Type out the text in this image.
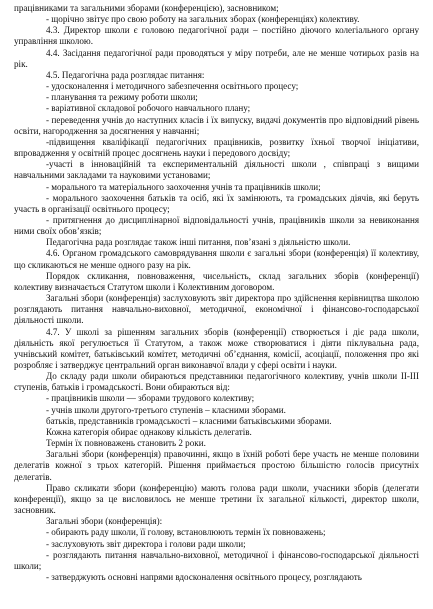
працівниками та загальними зборами (конференцією), засновником;

- щорічно звітує про свою роботу на загальних зборах (конференціях) колективу.

4.3. Директор школи є головою педагогічної ради – постійно діючого колегіального органу управління школою.

4.4. Засідання педагогічної ради проводяться у міру потреби, але не менше чотирьох разів на рік.

4.5. Педагогічна рада розглядає питання:

- удосконалення і методичного забезпечення освітнього процесу;

- планування та режиму роботи школи;

- варіативної складової робочого навчального плану;

- переведення учнів до наступних класів і їх випуску, видачі документів про відповідний рівень освіти, нагородження за досягнення у навчанні;

-підвищення кваліфікації педагогічних працівників, розвитку їхньої творчої ініціативи, впровадження у освітній процес досягнень науки і передового досвіду;

-участі в інноваційній та експериментальній діяльності школи , співпраці з вищими навчальними закладами та науковими установами;

- морального та матеріального заохочення учнів та працівників школи;

- морального заохочення батьків та осіб, які їх замінюють, та громадських діячів, які беруть участь в організації освітнього процесу;

- притягнення до дисциплінарної відповідальності учнів, працівників школи за невиконання ними своїх обов’язків;

Педагогічна рада розглядає також інші питання, пов’язані з діяльністю школи.

4.6. Органом громадського самоврядування школи є загальні збори (конференція) її колективу, що скликаються не менше одного разу на рік.

Порядок скликання, повноваження, чисельність, склад загальних зборів (конференції) колективу визначається Статутом школи і Колективним договором.

Загальні збори (конференція) заслуховують звіт директора про здійснення керівництва школою розглядають питання навчально-виховної, методичної, економічної і фінансово-господарської діяльності школи.

4.7. У школі за рішенням загальних зборів (конференції) створюється і діє рада школи, діяльність якої регулюється її Статутом, а також може створюватися і діяти піклувальна рада, учнівський комітет, батьківський комітет, методичні об’єднання, комісії, асоціації, положення про які розробляє і затверджує центральний орган виконавчої влади у сфері освіти і науки.

До складу ради школи обираються представники педагогічного колективу, учнів школи ІІ-ІІІ ступенів, батьків і громадськості. Вони обираються від:

- працівників школи — зборами трудового колективу;

- учнів школи другого-третього ступенів – класними зборами.

батьків, представників громадськості – класними батьківськими зборами.

Кожна категорія обирає однакову кількість делегатів.

Термін їх повноважень становить 2 роки.

Загальні збори (конференція) правочинні, якщо в їхній роботі бере участь не менше половини делегатів кожної з трьох категорій. Рішення приймається простою більшістю голосів присутніх делегатів.

Право скликати збори (конференцію) мають голова ради школи, учасники зборів (делегати конференції), якщо за це висловилось не менше третини їх загальної кількості, директор школи, засновник.

Загальні збори (конференція):

- обирають раду школи, її голову, встановлюють термін їх повноважень;

- заслуховують звіт директора і голови ради школи;

- розглядають питання навчально-виховної, методичної і фінансово-господарської діяльності школи;

- затверджують основні напрями вдосконалення освітнього процесу, розглядають
